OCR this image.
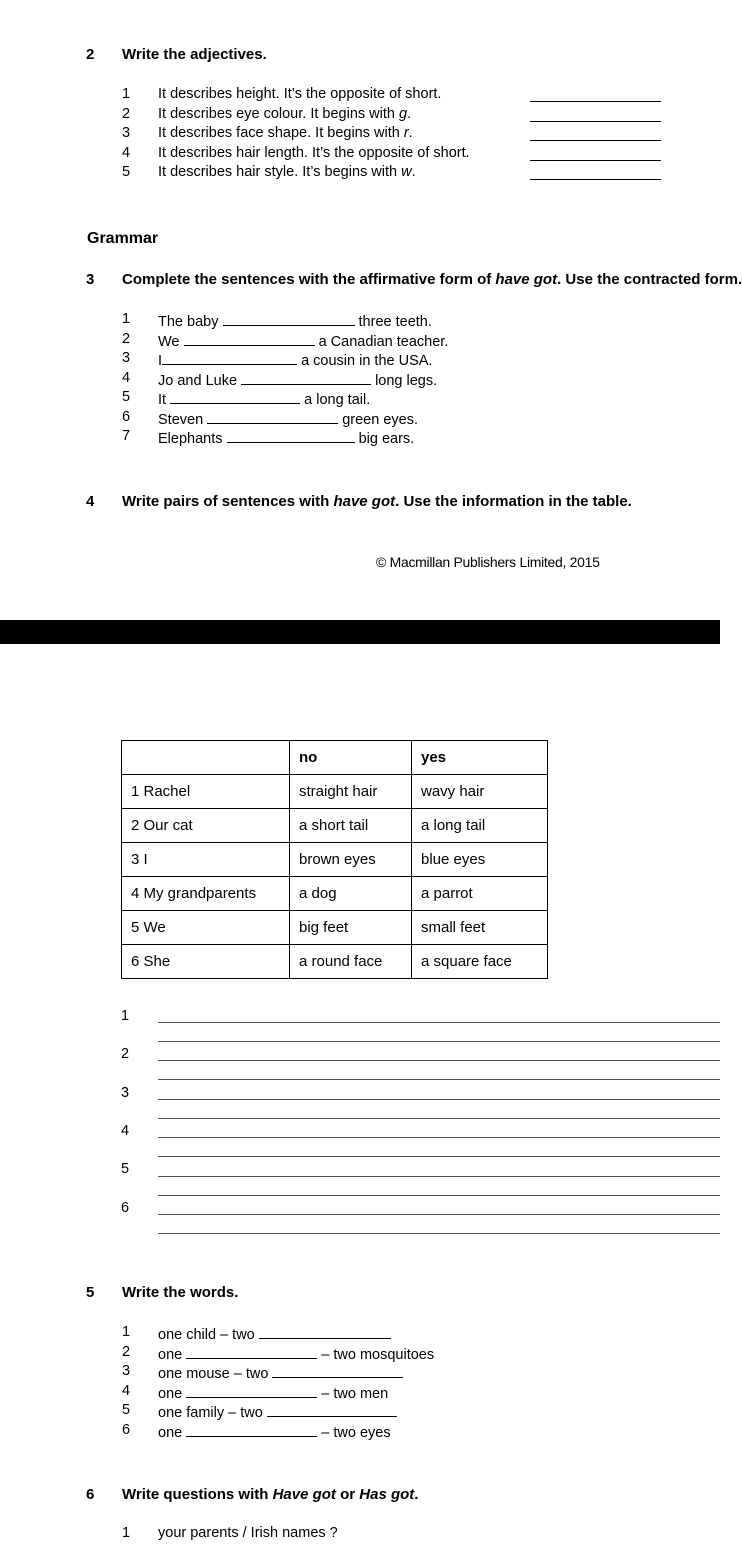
2 Write the adjectives.
1 It describes height. It’s the opposite of short.
2 It describes eye colour. It begins with g.
3 It describes face shape. It begins with r.
4 It describes hair length. It’s the opposite of short.
5 It describes hair style. It’s begins with w.
Grammar
3 Complete the sentences with the affirmative form of have got. Use the contracted form.
1 The baby	three teeth.
2 We	a Canadian teacher.
3 I	a cousin in the USA.
4 Jo and Luke	long legs.
5 It	a long tail.
6 Steven	green eyes.
7 Elephants	big ears.
4 Write pairs of sentences with have got. Use the information in the table.
© Macmillan Publishers Limited, 2015
	no	yes
1 Rachel	straight hair	wavy hair
2 Our cat	a short tail	a long tail
3 I	brown eyes	blue eyes
4 My grandparents	a dog	a parrot
5 We	big feet	small feet
6 She	a round face	a square face
1
2
3
4
5
6
5 Write the words.
1 one child – two
2 one	– two mosquitoes
3 one mouse – two
4 one	– two men
5 one family – two
6 one	– two eyes
6 Write questions with Have got or Has got.
1 your parents / Irish names ?
